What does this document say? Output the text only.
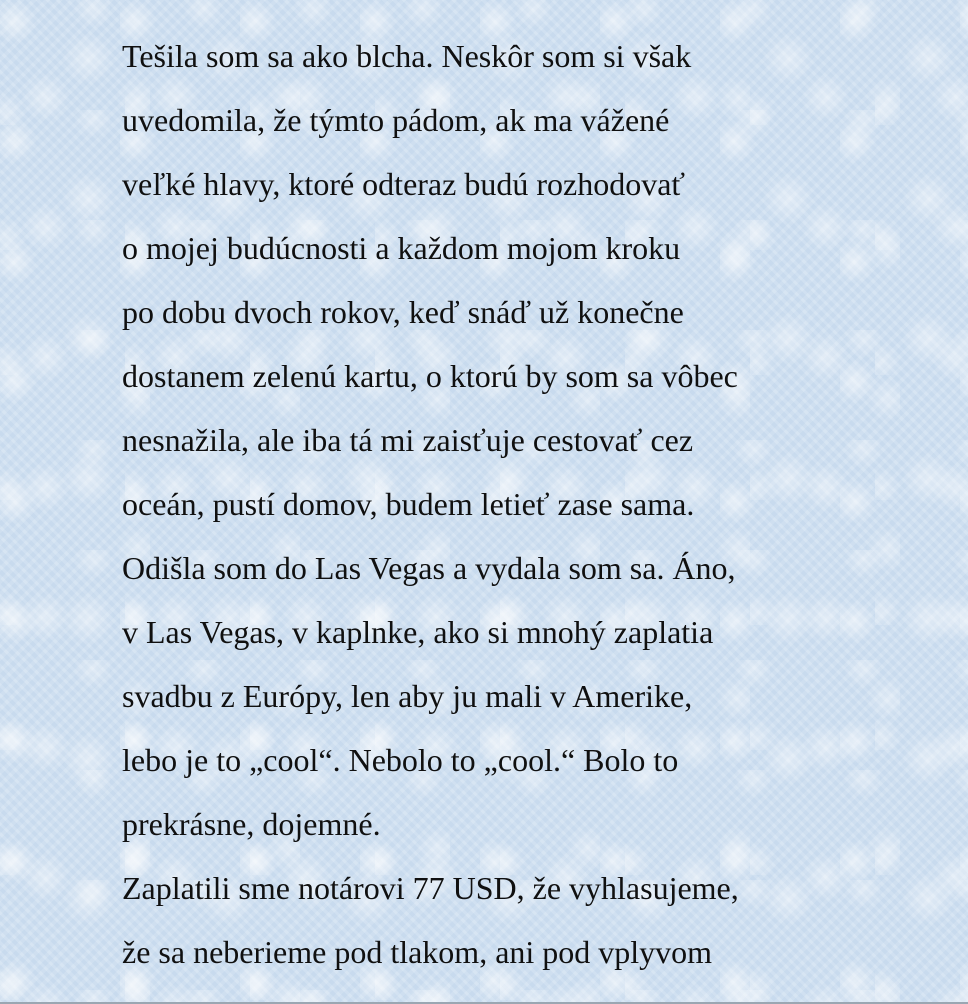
Tešila som sa ako blcha. Neskôr som si však
uvedomila, že týmto pádom, ak ma vážené
veľké hlavy, ktoré odteraz budú rozhodovať
o mojej budúcnosti a každom mojom kroku
po dobu dvoch rokov, keď snáď už konečne
dostanem zelenú kartu, o ktorú by som sa vôbec
nesnažila, ale iba tá mi zaisťuje cestovať cez
oceán, pustí domov, budem letieť zase sama.
Odišla som do Las Vegas a vydala som sa. Áno,
v Las Vegas, v kaplnke, ako si mnohý zaplatia
svadbu z Európy, len aby ju mali v Amerike,
lebo je to „cool“. Nebolo to „cool.“ Bolo to
prekrásne, dojemné.
Zaplatili sme notárovi 77 USD, že vyhlasujeme,
že sa neberieme pod tlakom, ani pod vplyvom
